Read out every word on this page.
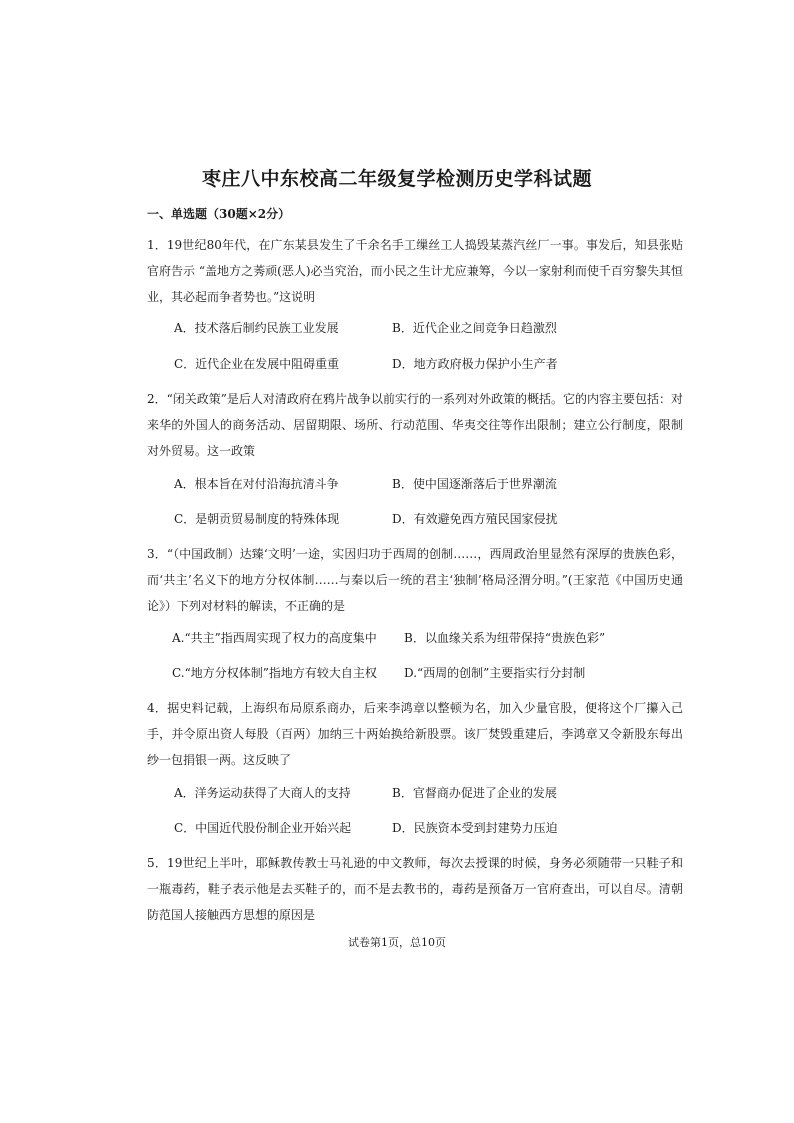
枣庄八中东校高二年级复学检测历史学科试题
一、单选题（30题×2分）
1．19世纪80年代，在广东某县发生了千余名手工缫丝工人捣毁某蒸汽丝厂一事。事发后，知县张贴官府告示 “盖地方之莠顽(恶人)必当究治，而小民之生计尤应兼筹，今以一家射利而使千百穷黎失其恒业，其必起而争者势也。”这说明
A．技术落后制约民族工业发展	B．近代企业之间竞争日趋激烈
C．近代企业在发展中阻碍重重	D．地方政府极力保护小生产者
2．“闭关政策”是后人对清政府在鸦片战争以前实行的一系列对外政策的概括。它的内容主要包括：对来华的外国人的商务活动、居留期限、场所、行动范围、华夷交往等作出限制；建立公行制度，限制对外贸易。这一政策
A．根本旨在对付沿海抗清斗争	B．使中国逐渐落后于世界潮流
C．是朝贡贸易制度的特殊体现	D．有效避免西方殖民国家侵扰
3．“（中国政制）达臻‘文明’一途，实因归功于西周的创制……，西周政治里显然有深厚的贵族色彩，而‘共主’名义下的地方分权体制……与秦以后一统的君主‘独制’格局泾渭分明。”(王家范《中国历史通论》）下列对材料的解读，不正确的是
A.“共主”指西周实现了权力的高度集中 B．以血缘关系为纽带保持“贵族色彩”
C.“地方分权体制”指地方有较大自主权 D.“西周的创制”主要指实行分封制
4．据史料记载，上海织布局原系商办，后来李鸿章以整顿为名，加入少量官股，便将这个厂攥入己手，并令原出资人每股（百两）加纳三十两始换给新股票。该厂焚毁重建后，李鸿章又令新股东每出纱一包捐银一两。这反映了
A．洋务运动获得了大商人的支持	B．官督商办促进了企业的发展
C．中国近代股份制企业开始兴起	D．民族资本受到封建势力压迫
5．19世纪上半叶，耶稣教传教士马礼逊的中文教师，每次去授课的时候，身务必须随带一只鞋子和一瓶毒药，鞋子表示他是去买鞋子的，而不是去教书的，毒药是预备万一官府查出，可以自尽。清朝防范国人接触西方思想的原因是
试卷第1页，总10页
